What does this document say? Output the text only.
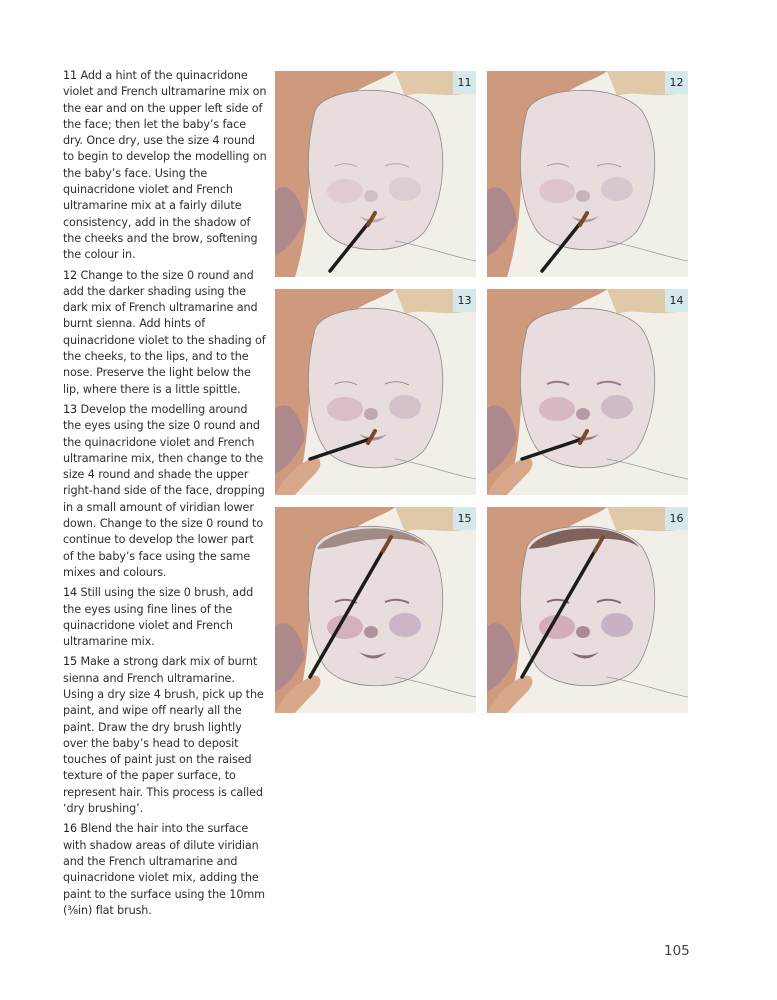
11 Add a hint of the quinacridone violet and French ultramarine mix on the ear and on the upper left side of the face; then let the baby’s face dry. Once dry, use the size 4 round to begin to develop the modelling on the baby’s face. Using the quinacridone violet and French ultramarine mix at a fairly dilute consistency, add in the shadow of the cheeks and the brow, softening the colour in.

12 Change to the size 0 round and add the darker shading using the dark mix of French ultramarine and burnt sienna. Add hints of quinacridone violet to the shading of the cheeks, to the lips, and to the nose. Preserve the light below the lip, where there is a little spittle.

13 Develop the modelling around the eyes using the size 0 round and the quinacridone violet and French ultramarine mix, then change to the size 4 round and shade the upper right-hand side of the face, dropping in a small amount of viridian lower down. Change to the size 0 round to continue to develop the lower part of the baby’s face using the same mixes and colours.

14 Still using the size 0 brush, add the eyes using fine lines of the quinacridone violet and French ultramarine mix.

15 Make a strong dark mix of burnt sienna and French ultramarine. Using a dry size 4 brush, pick up the paint, and wipe off nearly all the paint. Draw the dry brush lightly over the baby’s head to deposit touches of paint just on the raised texture of the paper surface, to represent hair. This process is called ‘dry brushing’.

16 Blend the hair into the surface with shadow areas of dilute viridian and the French ultramarine and quinacridone violet mix, adding the paint to the surface using the 10mm (⅜in) flat brush.

11	12
13	14
15	16
105
